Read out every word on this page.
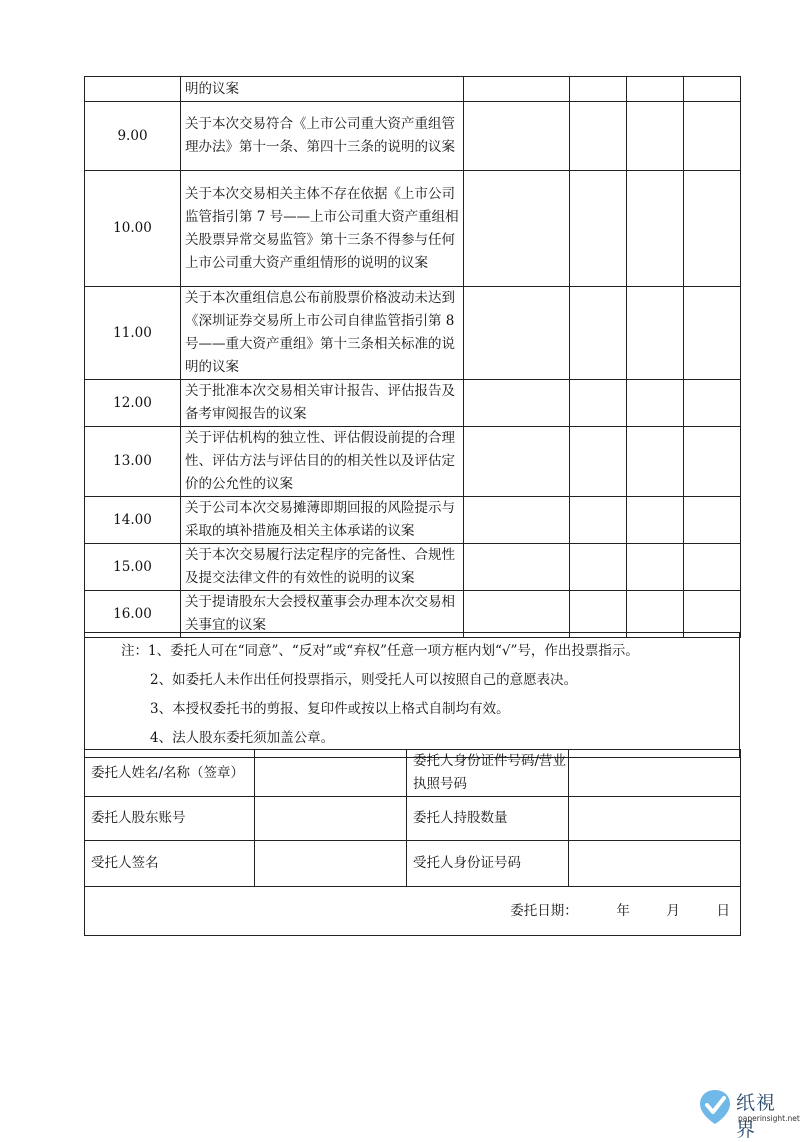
	明的议案				
9.00	关于本次交易符合《上市公司重大资产重组管理办法》第十一条、第四十三条的说明的议案				
10.00	关于本次交易相关主体不存在依据《上市公司监管指引第 7 号——上市公司重大资产重组相关股票异常交易监管》第十三条不得参与任何上市公司重大资产重组情形的说明的议案				
11.00	关于本次重组信息公布前股票价格波动未达到《深圳证券交易所上市公司自律监管指引第 8 号——重大资产重组》第十三条相关标准的说明的议案				
12.00	关于批准本次交易相关审计报告、评估报告及备考审阅报告的议案				
13.00	关于评估机构的独立性、评估假设前提的合理性、评估方法与评估目的的相关性以及评估定价的公允性的议案				
14.00	关于公司本次交易摊薄即期回报的风险提示与采取的填补措施及相关主体承诺的议案				
15.00	关于本次交易履行法定程序的完备性、合规性及提交法律文件的有效性的说明的议案				
16.00	关于提请股东大会授权董事会办理本次交易相关事宜的议案				
注：1、委托人可在“同意”、“反对”或“弃权”任意一项方框内划“√”号，作出投票指示。
2、如委托人未作出任何投票指示，则受托人可以按照自己的意愿表决。
3、本授权委托书的剪报、复印件或按以上格式自制均有效。
4、法人股东委托须加盖公章。
委托人姓名/名称（签章）		委托人身份证件号码/营业执照号码	
委托人股东账号		委托人持股数量	
受托人签名		受托人身份证号码	
委托日期： 年 月 日			
纸視界
paperinsight.net
